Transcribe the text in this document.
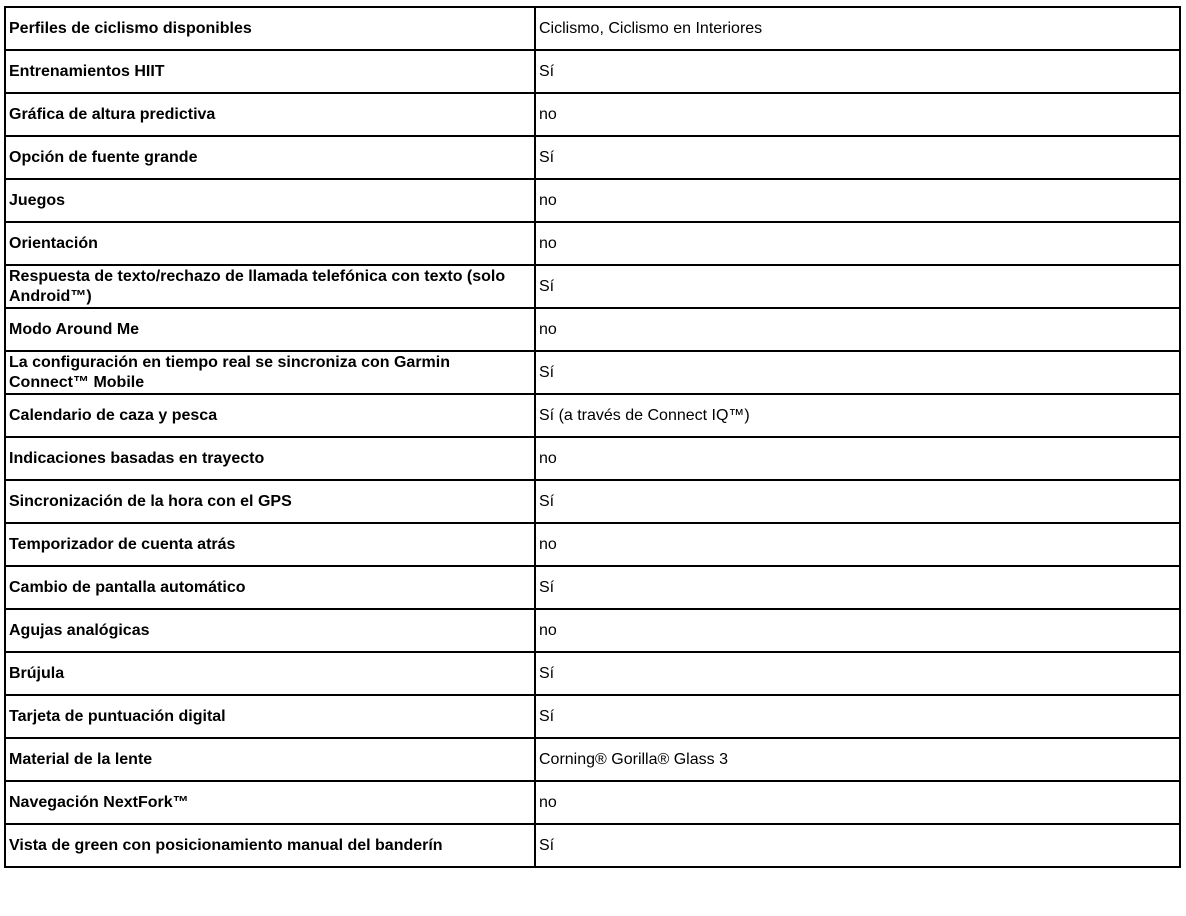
Perfiles de ciclismo disponibles	Ciclismo, Ciclismo en Interiores
Entrenamientos HIIT	Sí
Gráfica de altura predictiva	no
Opción de fuente grande	Sí
Juegos	no
Orientación	no
Respuesta de texto/rechazo de llamada telefónica con texto (solo Android™)	Sí
Modo Around Me	no
La configuración en tiempo real se sincroniza con Garmin Connect™ Mobile	Sí
Calendario de caza y pesca	Sí (a través de Connect IQ™)
Indicaciones basadas en trayecto	no
Sincronización de la hora con el GPS	Sí
Temporizador de cuenta atrás	no
Cambio de pantalla automático	Sí
Agujas analógicas	no
Brújula	Sí
Tarjeta de puntuación digital	Sí
Material de la lente	Corning® Gorilla® Glass 3
Navegación NextFork™	no
Vista de green con posicionamiento manual del banderín	Sí
